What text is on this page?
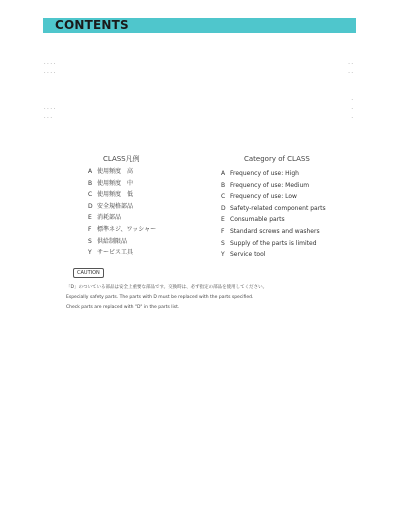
CONTENTS
. . . .	. .
. . . .	. .
.
. . . .	.
. . .	.
CLASS凡例	Category of CLASS
A 使用頻度　高
B 使用頻度　中
C 使用頻度　低
D 安全規格部品
E 消耗部品
F 標準ネジ、ワッシャー
S 供給制限品
Y サービス工具
A Frequency of use: High
B Frequency of use: Medium
C Frequency of use: Low
D Safety-related component parts
E Consumable parts
F Standard screws and washers
S Supply of the parts is limited
Y Service tool
CAUTION
「D」のついている部品は安全上重要な部品です。交換時は、必ず指定の部品を使用してください。
Especially safety parts. The parts with D must be replaced with the parts specified.
Check parts are replaced with "D" in the parts list.
